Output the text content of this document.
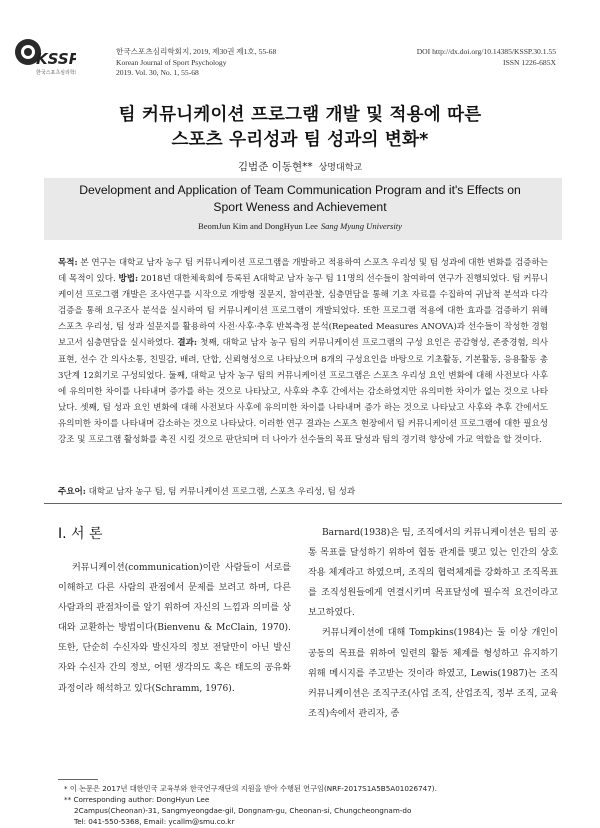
KSSP
한국스포츠심리학회
한국스포츠심리학회지, 2019, 제30권 제1호, 55-68
Korean Journal of Sport Psychology
2019. Vol. 30, No. 1, 55-68
DOI http://dx.doi.org/10.14385/KSSP.30.1.55
ISSN 1226-685X
팀 커뮤니케이션 프로그램 개발 및 적용에 따른
스포츠 우리성과 팀 성과의 변화*
김범준 이동현** 상명대학교
Development and Application of Team Communication Program and it's Effects on
Sport Weness and Achievement
BeomJun Kim and DongHyun Lee Sang Myung University
목적: 본 연구는 대학교 남자 농구 팀 커뮤니케이션 프로그램을 개발하고 적용하여 스포츠 우리성 및 팀 성과에 대한 변화를 검증하는데 목적이 있다. 방법: 2018년 대한체육회에 등록된 A대학교 남자 농구 팀 11명의 선수들이 참여하여 연구가 진행되었다. 팀 커뮤니케이션 프로그램 개발은 조사연구를 시작으로 개방형 질문지, 참여관찰, 심층면담을 통해 기초 자료를 수집하여 귀납적 분석과 다각 검증을 통해 요구조사 분석을 실시하여 팀 커뮤니케이션 프로그램이 개발되었다. 또한 프로그램 적용에 대한 효과를 검증하기 위해 스포츠 우리성, 팀 성과 설문지를 활용하여 사전·사후·추후 반복측정 분석(Repeated Measures ANOVA)과 선수들이 작성한 경험 보고서 심층면담을 실시하였다. 결과: 첫째, 대학교 남자 농구 팀의 커뮤니케이션 프로그램의 구성 요인은 공감형성, 존중경험, 의사표현, 선수 간 의사소통, 친밀감, 배려, 단합, 신뢰형성으로 나타났으며 8개의 구성요인을 바탕으로 기초활동, 기본활동, 응용활동 총 3단계 12회기로 구성되었다. 둘째, 대학교 남자 농구 팀의 커뮤니케이션 프로그램은 스포츠 우리성 요인 변화에 대해 사전보다 사후에 유의미한 차이를 나타내며 증가를 하는 것으로 나타났고, 사후와 추후 간에서는 감소하였지만 유의미한 차이가 없는 것으로 나타났다. 셋째, 팀 성과 요인 변화에 대해 사전보다 사후에 유의미한 차이를 나타내며 증가 하는 것으로 나타났고 사후와 추후 간에서도 유의미한 차이를 나타내며 감소하는 것으로 나타났다. 이러한 연구 결과는 스포츠 현장에서 팀 커뮤니케이션 프로그램에 대한 필요성 강조 및 프로그램 활성화를 촉진 시킬 것으로 판단되며 더 나아가 선수들의 목표 달성과 팀의 경기력 향상에 가교 역할을 할 것이다.
주요어: 대학교 남자 농구 팀, 팀 커뮤니케이션 프로그램, 스포츠 우리성, 팀 성과
I. 서 론
커뮤니케이션(communication)이란 사람들이 서로를 이해하고 다른 사람의 관점에서 문제를 보려고 하며, 다른 사람과의 관점차이를 알기 위하여 자신의 느낌과 의미를 상대와 교환하는 방법이다(Bienvenu & McClain, 1970). 또한, 단순히 수신자와 발신자의 정보 전달만이 아닌 발신자와 수신자 간의 정보, 어떤 생각의도 혹은 태도의 공유화 과정이라 해석하고 있다(Schramm, 1976).

Barnard(1938)은 팀, 조직에서의 커뮤니케이션은 팀의 공통 목표를 달성하기 위하여 협동 관계를 맺고 있는 인간의 상호작용 체계라고 하였으며, 조직의 협력체계를 강화하고 조직목표를 조직성원들에게 연결시키며 목표달성에 필수적 요건이라고 보고하였다.

커뮤니케이션에 대해 Tompkins(1984)는 둘 이상 개인이 공동의 목표를 위하여 일련의 활동 체계를 형성하고 유지하기 위해 메시지를 주고받는 것이라 하였고, Lewis(1987)는 조직 커뮤니케이션은 조직구조(사업 조직, 산업조직, 정부 조직, 교육 조직)속에서 관리자, 종

* 이 논문은 2017년 대한민국 교육부와 한국연구재단의 지원을 받아 수행된 연구임(NRF-2017S1A5B5A01026747).
** Corresponding author: DongHyun Lee
2Campus(Cheonan)-31, Sangmyeongdae-gil, Dongnam-gu, Cheonan-si, Chungcheongnam-do
Tel: 041-550-5368, Email: ycallm@smu.co.kr
